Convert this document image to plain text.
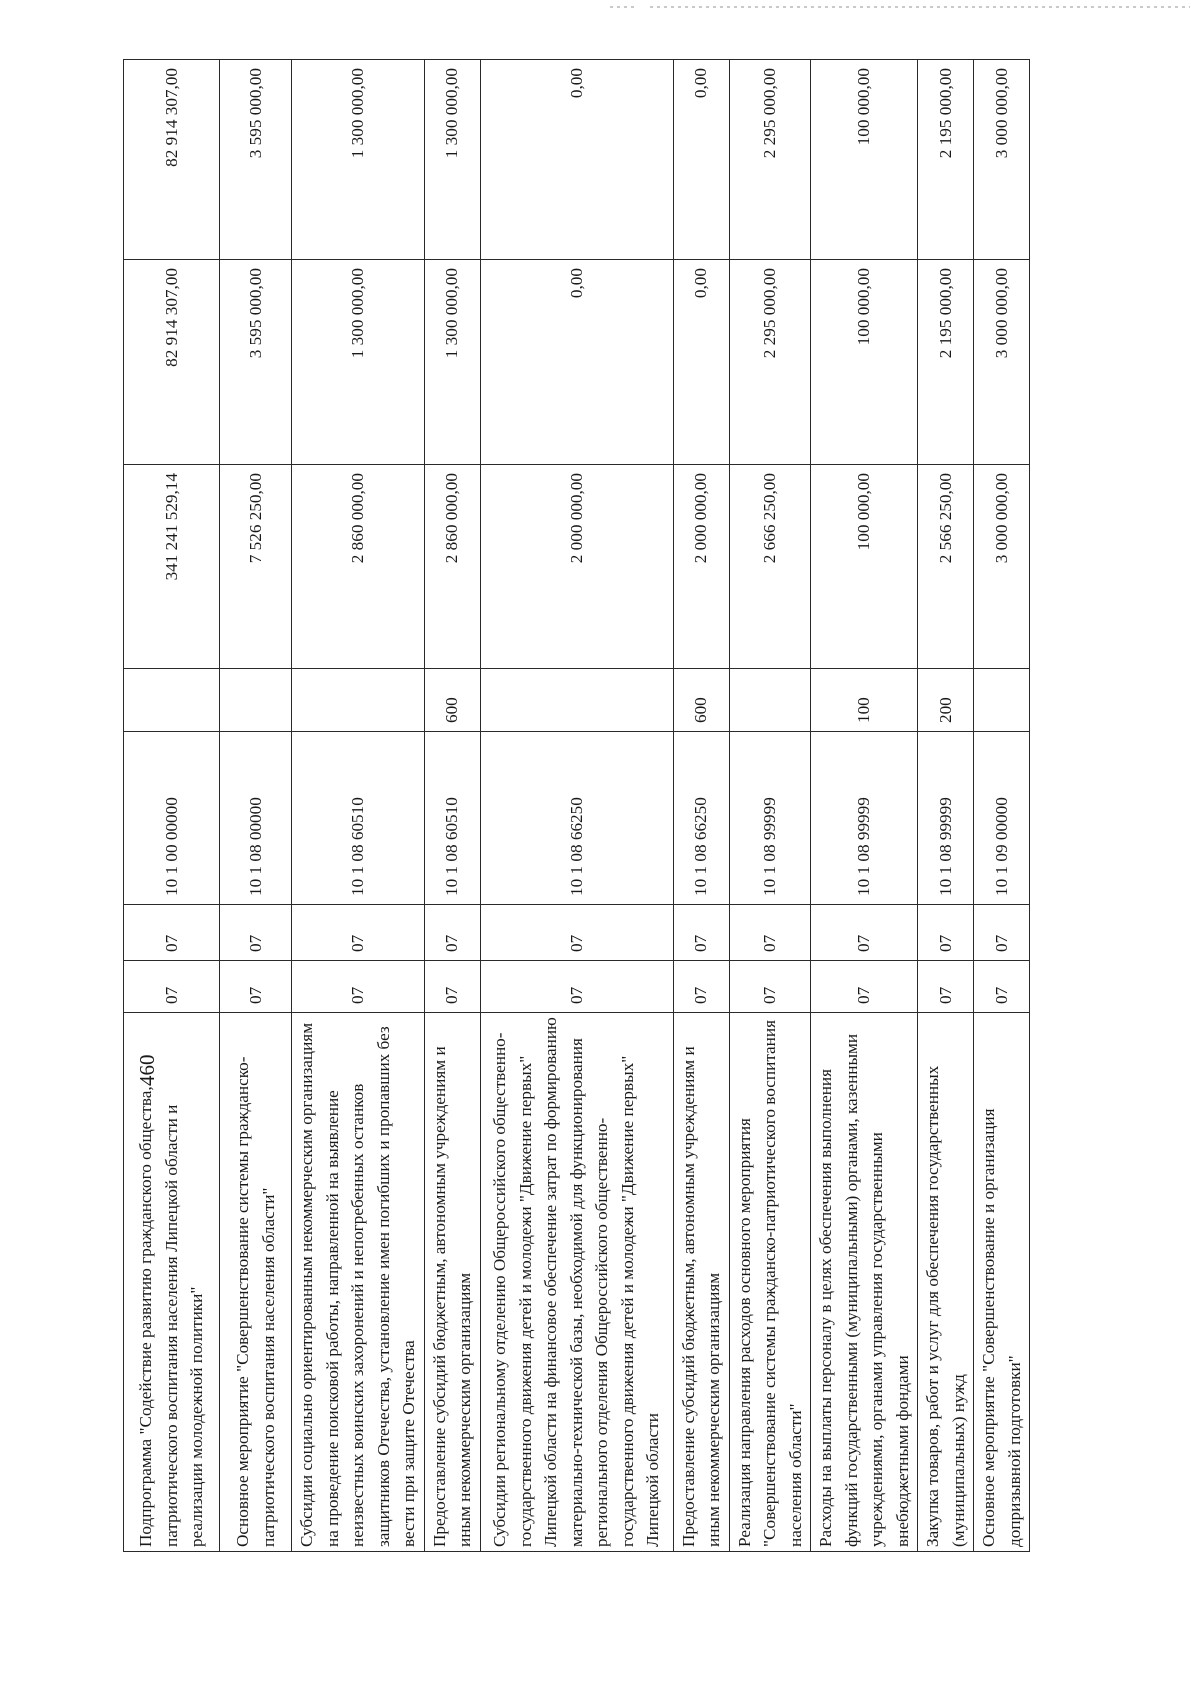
460
Подпрограмма "Содействие развитию гражданского общества, патриотического воспитания населения Липецкой области и реализации молодежной политики"	07	07	10 1 00 00000		341 241 529,14	82 914 307,00	82 914 307,00
Основное мероприятие "Совершенствование системы гражданско-патриотического воспитания населения области"	07	07	10 1 08 00000		7 526 250,00	3 595 000,00	3 595 000,00
Субсидии социально ориентированным некоммерческим организациям на проведение поисковой работы, направленной на выявление неизвестных воинских захоронений и непогребенных останков защитников Отечества, установление имен погибших и пропавших без вести при защите Отечества	07	07	10 1 08 60510		2 860 000,00	1 300 000,00	1 300 000,00
Предоставление субсидий бюджетным, автономным учреждениям и иным некоммерческим организациям	07	07	10 1 08 60510	600	2 860 000,00	1 300 000,00	1 300 000,00
Субсидии региональному отделению Общероссийского общественно-государственного движения детей и молодежи "Движение первых" Липецкой области на финансовое обеспечение затрат по формированию материально-технической базы, необходимой для функционирования регионального отделения Общероссийского общественно-государственного движения детей и молодежи "Движение первых" Липецкой области	07	07	10 1 08 66250		2 000 000,00	0,00	0,00
Предоставление субсидий бюджетным, автономным учреждениям и иным некоммерческим организациям	07	07	10 1 08 66250	600	2 000 000,00	0,00	0,00
Реализация направления расходов основного мероприятия "Совершенствование системы гражданско-патриотического воспитания населения области"	07	07	10 1 08 99999		2 666 250,00	2 295 000,00	2 295 000,00
Расходы на выплаты персоналу в целях обеспечения выполнения функций государственными (муниципальными) органами, казенными учреждениями, органами управления государственными внебюджетными фондами	07	07	10 1 08 99999	100	100 000,00	100 000,00	100 000,00
Закупка товаров, работ и услуг для обеспечения государственных (муниципальных) нужд	07	07	10 1 08 99999	200	2 566 250,00	2 195 000,00	2 195 000,00
Основное мероприятие "Совершенствование и организация допризывной подготовки"	07	07	10 1 09 00000		3 000 000,00	3 000 000,00	3 000 000,00
